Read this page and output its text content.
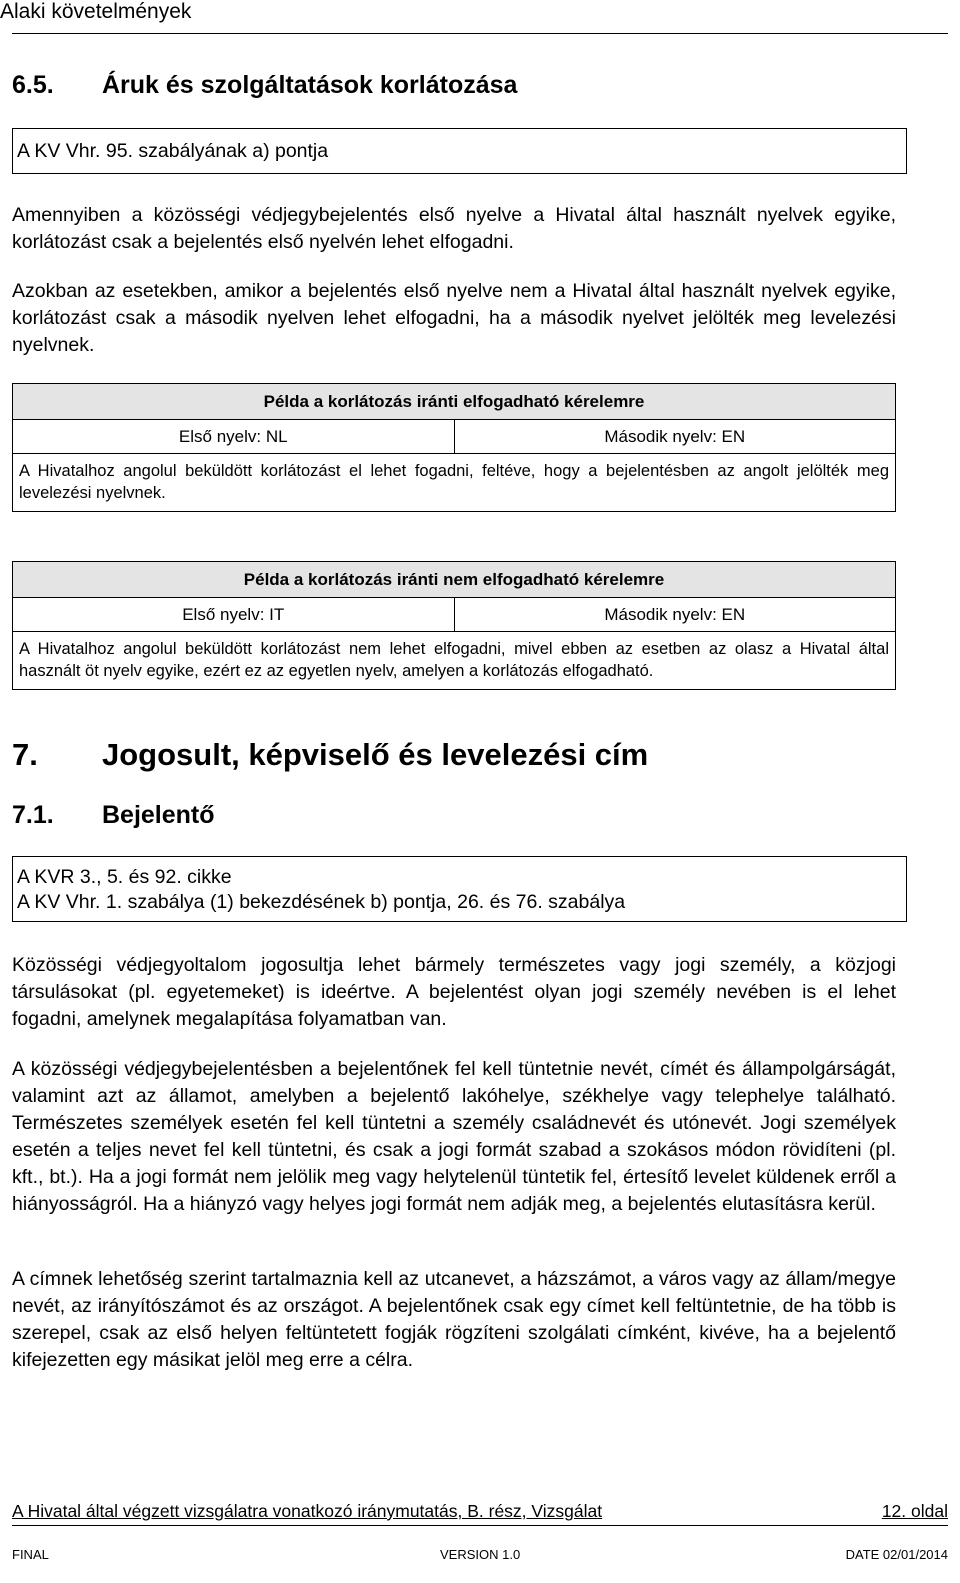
Alaki követelmények
6.5. Áruk és szolgáltatások korlátozása
A KV Vhr. 95. szabályának a) pontja
Amennyiben a közösségi védjegybejelentés első nyelve a Hivatal által használt nyelvek egyike, korlátozást csak a bejelentés első nyelvén lehet elfogadni.
Azokban az esetekben, amikor a bejelentés első nyelve nem a Hivatal által használt nyelvek egyike, korlátozást csak a második nyelven lehet elfogadni, ha a második nyelvet jelölték meg levelezési nyelvnek.
Példa a korlátozás iránti elfogadható kérelemre
Első nyelv: NL	Második nyelv: EN
A Hivatalhoz angolul beküldött korlátozást el lehet fogadni, feltéve, hogy a bejelentésben az angolt jelölték meg levelezési nyelvnek.
Példa a korlátozás iránti nem elfogadható kérelemre
Első nyelv: IT	Második nyelv: EN
A Hivatalhoz angolul beküldött korlátozást nem lehet elfogadni, mivel ebben az esetben az olasz a Hivatal által használt öt nyelv egyike, ezért ez az egyetlen nyelv, amelyen a korlátozás elfogadható.
7. Jogosult, képviselő és levelezési cím
7.1. Bejelentő
A KVR 3., 5. és 92. cikke
A KV Vhr. 1. szabálya (1) bekezdésének b) pontja, 26. és 76. szabálya
Közösségi védjegyoltalom jogosultja lehet bármely természetes vagy jogi személy, a közjogi társulásokat (pl. egyetemeket) is ideértve. A bejelentést olyan jogi személy nevében is el lehet fogadni, amelynek megalapítása folyamatban van.
A közösségi védjegybejelentésben a bejelentőnek fel kell tüntetnie nevét, címét és állampolgárságát, valamint azt az államot, amelyben a bejelentő lakóhelye, székhelye vagy telephelye található. Természetes személyek esetén fel kell tüntetni a személy családnevét és utónevét. Jogi személyek esetén a teljes nevet fel kell tüntetni, és csak a jogi formát szabad a szokásos módon rövidíteni (pl. kft., bt.). Ha a jogi formát nem jelölik meg vagy helytelenül tüntetik fel, értesítő levelet küldenek erről a hiányosságról. Ha a hiányzó vagy helyes jogi formát nem adják meg, a bejelentés elutasításra kerül.
A címnek lehetőség szerint tartalmaznia kell az utcanevet, a házszámot, a város vagy az állam/megye nevét, az irányítószámot és az országot. A bejelentőnek csak egy címet kell feltüntetnie, de ha több is szerepel, csak az első helyen feltüntetett fogják rögzíteni szolgálati címként, kivéve, ha a bejelentő kifejezetten egy másikat jelöl meg erre a célra.
A Hivatal által végzett vizsgálatra vonatkozó iránymutatás, B. rész, Vizsgálat	12. oldal
FINAL	VERSION 1.0	DATE 02/01/2014
